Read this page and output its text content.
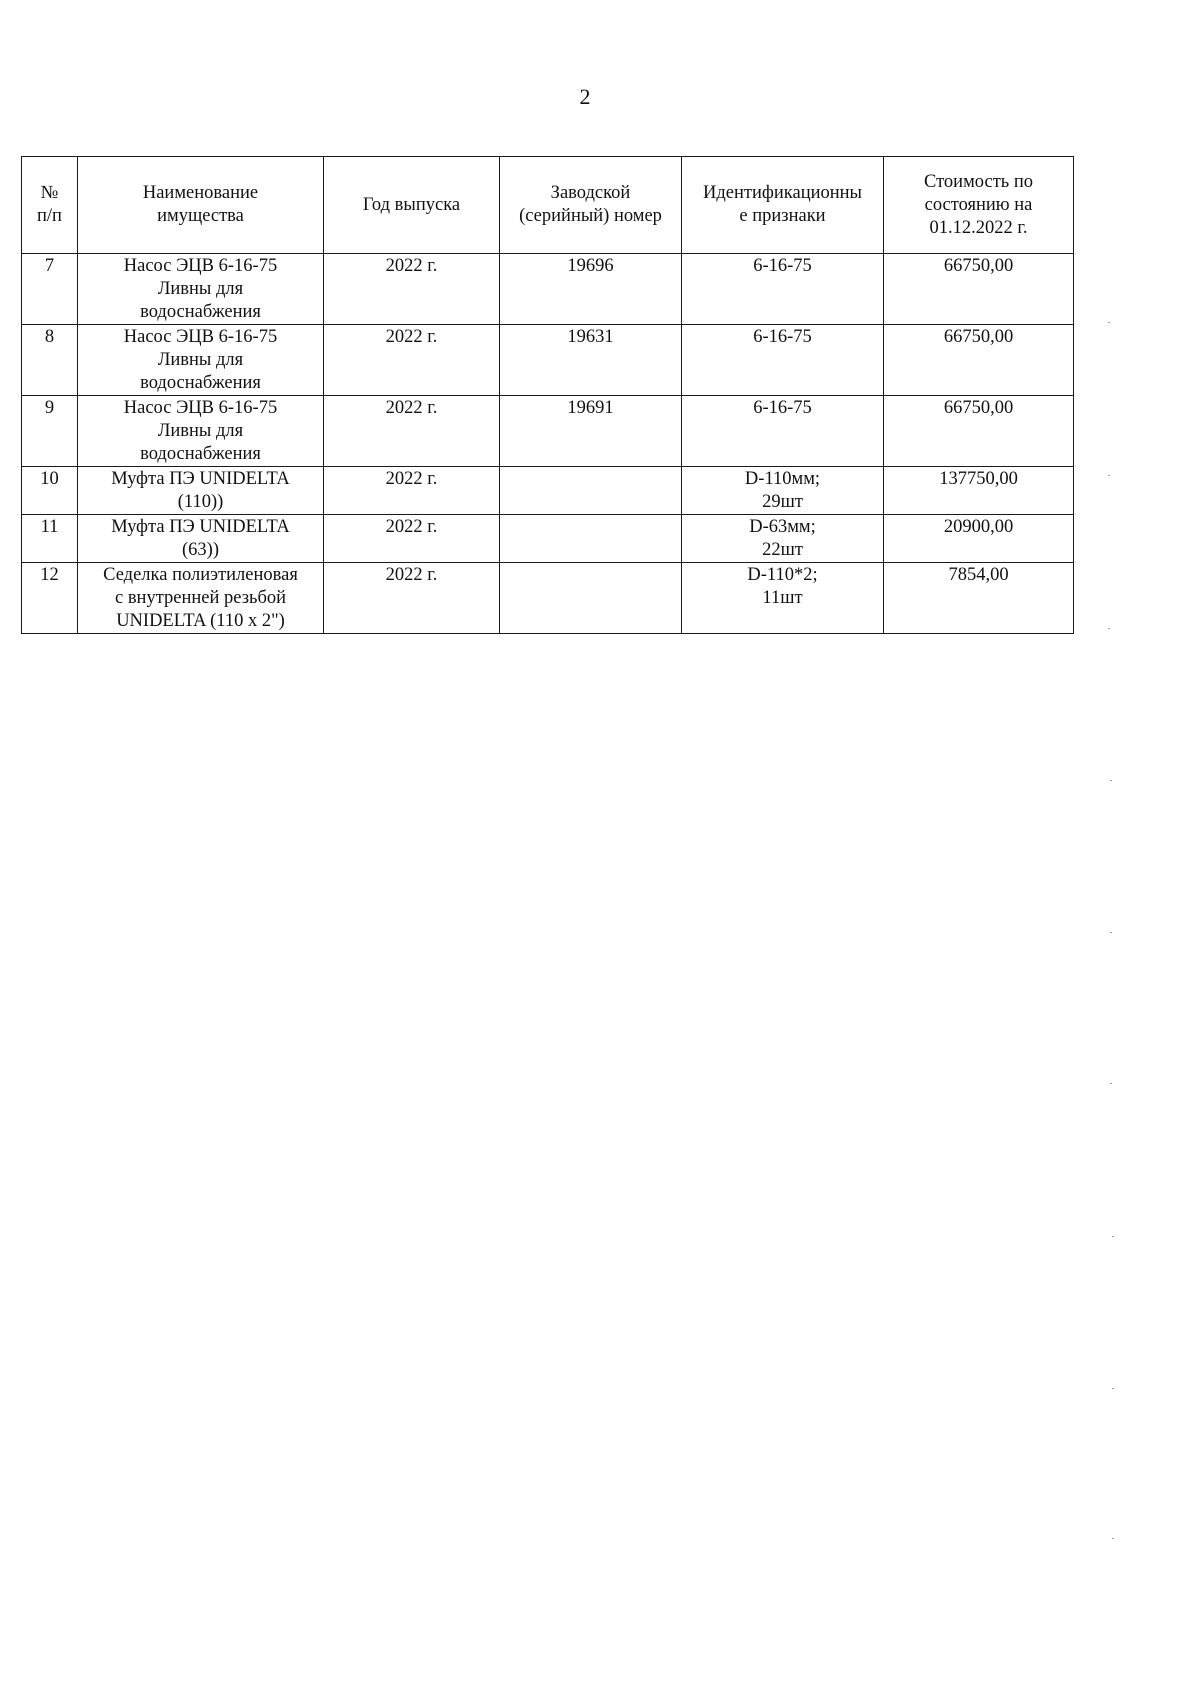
2
№
п/п	Наименование
имущества	Год выпуска	Заводской
(серийный) номер	Идентификационны
е признаки	Стоимость по
состоянию на
01.12.2022 г.
7	Насос ЭЦВ 6-16-75
Ливны для
водоснабжения	2022 г.	19696	6-16-75	66750,00
8	Насос ЭЦВ 6-16-75
Ливны для
водоснабжения	2022 г.	19631	6-16-75	66750,00
9	Насос ЭЦВ 6-16-75
Ливны для
водоснабжения	2022 г.	19691	6-16-75	66750,00
10	Муфта ПЭ UNIDELTA
(110))	2022 г.		D-110мм;
29шт	137750,00
11	Муфта ПЭ UNIDELTA
(63))	2022 г.		D-63мм;
22шт	20900,00
12	Седелка полиэтиленовая
с внутренней резьбой
UNIDELTA (110 x 2")	2022 г.		D-110*2;
11шт	7854,00
